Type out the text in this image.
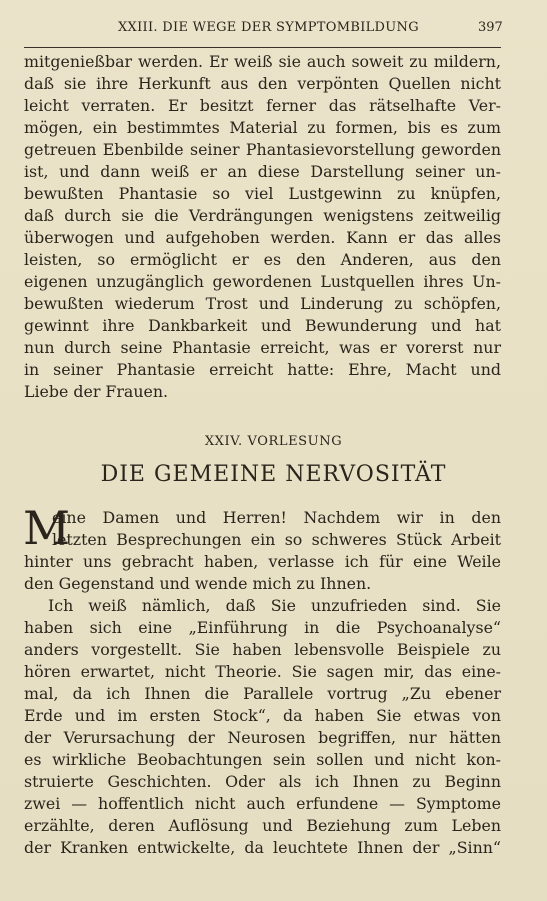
XXIII. DIE WEGE DER SYMPTOMBILDUNG	397
mitgenießbar werden. Er weiß sie auch soweit zu mildern,
daß sie ihre Herkunft aus den verpönten Quellen nicht
leicht verraten. Er besitzt ferner das rätselhafte Ver-
mögen, ein bestimmtes Material zu formen, bis es zum
getreuen Ebenbilde seiner Phantasievorstellung geworden
ist, und dann weiß er an diese Darstellung seiner un-
bewußten Phantasie so viel Lustgewinn zu knüpfen,
daß durch sie die Verdrängungen wenigstens zeitweilig
überwogen und aufgehoben werden. Kann er das alles
leisten, so ermöglicht er es den Anderen, aus den
eigenen unzugänglich gewordenen Lustquellen ihres Un-
bewußten wiederum Trost und Linderung zu schöpfen,
gewinnt ihre Dankbarkeit und Bewunderung und hat
nun durch seine Phantasie erreicht, was er vorerst nur
in seiner Phantasie erreicht hatte: Ehre, Macht und
Liebe der Frauen.
XXIV. VORLESUNG
DIE GEMEINE NERVOSITÄT
M
eine Damen und Herren! Nachdem wir in den
letzten Besprechungen ein so schweres Stück Arbeit
hinter uns gebracht haben, verlasse ich für eine Weile
den Gegenstand und wende mich zu Ihnen.
Ich weiß nämlich, daß Sie unzufrieden sind. Sie
haben sich eine „Einführung in die Psychoanalyse“
anders vorgestellt. Sie haben lebensvolle Beispiele zu
hören erwartet, nicht Theorie. Sie sagen mir, das eine-
mal, da ich Ihnen die Parallele vortrug „Zu ebener
Erde und im ersten Stock“, da haben Sie etwas von
der Verursachung der Neurosen begriffen, nur hätten
es wirkliche Beobachtungen sein sollen und nicht kon-
struierte Geschichten. Oder als ich Ihnen zu Beginn
zwei — hoffentlich nicht auch erfundene — Symptome
erzählte, deren Auflösung und Beziehung zum Leben
der Kranken entwickelte, da leuchtete Ihnen der „Sinn“
